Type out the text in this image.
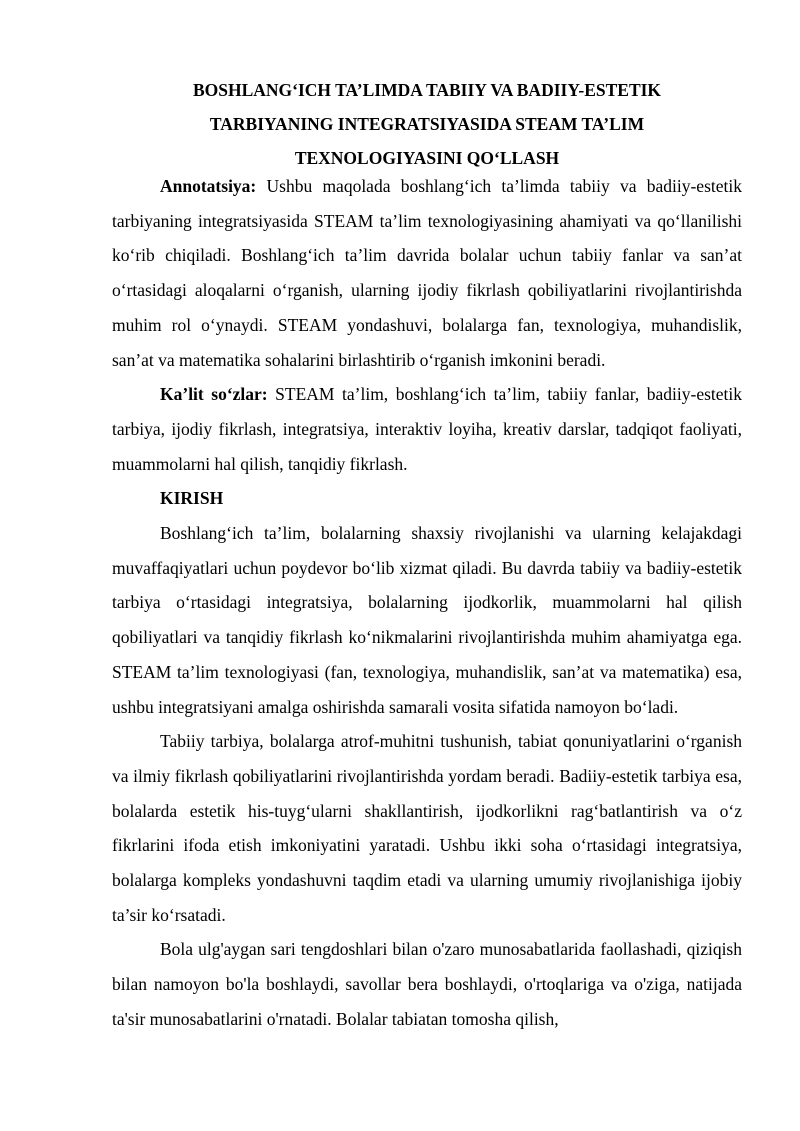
BOSHLANG‘ICH TA’LIMDA TABIIY VA BADIIY-ESTETIK
TARBIYANING INTEGRATSIYASIDA STEAM TA’LIM
TEXNOLOGIYASINI QO‘LLASH

Annotatsiya: Ushbu maqolada boshlang‘ich ta’limda tabiiy va badiiy-estetik tarbiyaning integratsiyasida STEAM ta’lim texnologiyasining ahamiyati va qo‘llanilishi ko‘rib chiqiladi. Boshlang‘ich ta’lim davrida bolalar uchun tabiiy fanlar va san’at o‘rtasidagi aloqalarni o‘rganish, ularning ijodiy fikrlash qobiliyatlarini rivojlantirishda muhim rol o‘ynaydi. STEAM yondashuvi, bolalarga fan, texnologiya, muhandislik, san’at va matematika sohalarini birlashtirib o‘rganish imkonini beradi.

Ka’lit so‘zlar: STEAM ta’lim, boshlang‘ich ta’lim, tabiiy fanlar, badiiy-estetik tarbiya, ijodiy fikrlash, integratsiya, interaktiv loyiha, kreativ darslar, tadqiqot faoliyati, muammolarni hal qilish, tanqidiy fikrlash.

KIRISH

Boshlang‘ich ta’lim, bolalarning shaxsiy rivojlanishi va ularning kelajakdagi muvaffaqiyatlari uchun poydevor bo‘lib xizmat qiladi. Bu davrda tabiiy va badiiy-estetik tarbiya o‘rtasidagi integratsiya, bolalarning ijodkorlik, muammolarni hal qilish qobiliyatlari va tanqidiy fikrlash ko‘nikmalarini rivojlantirishda muhim ahamiyatga ega. STEAM ta’lim texnologiyasi (fan, texnologiya, muhandislik, san’at va matematika) esa, ushbu integratsiyani amalga oshirishda samarali vosita sifatida namoyon bo‘ladi.

Tabiiy tarbiya, bolalarga atrof-muhitni tushunish, tabiat qonuniyatlarini o‘rganish va ilmiy fikrlash qobiliyatlarini rivojlantirishda yordam beradi. Badiiy-estetik tarbiya esa, bolalarda estetik his-tuyg‘ularni shakllantirish, ijodkorlikni rag‘batlantirish va o‘z fikrlarini ifoda etish imkoniyatini yaratadi. Ushbu ikki soha o‘rtasidagi integratsiya, bolalarga kompleks yondashuvni taqdim etadi va ularning umumiy rivojlanishiga ijobiy ta’sir ko‘rsatadi.

Bola ulg'aygan sari tengdoshlari bilan o'zaro munosabatlarida faollashadi, qiziqish bilan namoyon bo'la boshlaydi, savollar bera boshlaydi, o'rtoqlariga va o'ziga, natijada ta'sir munosabatlarini o'rnatadi. Bolalar tabiatan tomosha qilish,
